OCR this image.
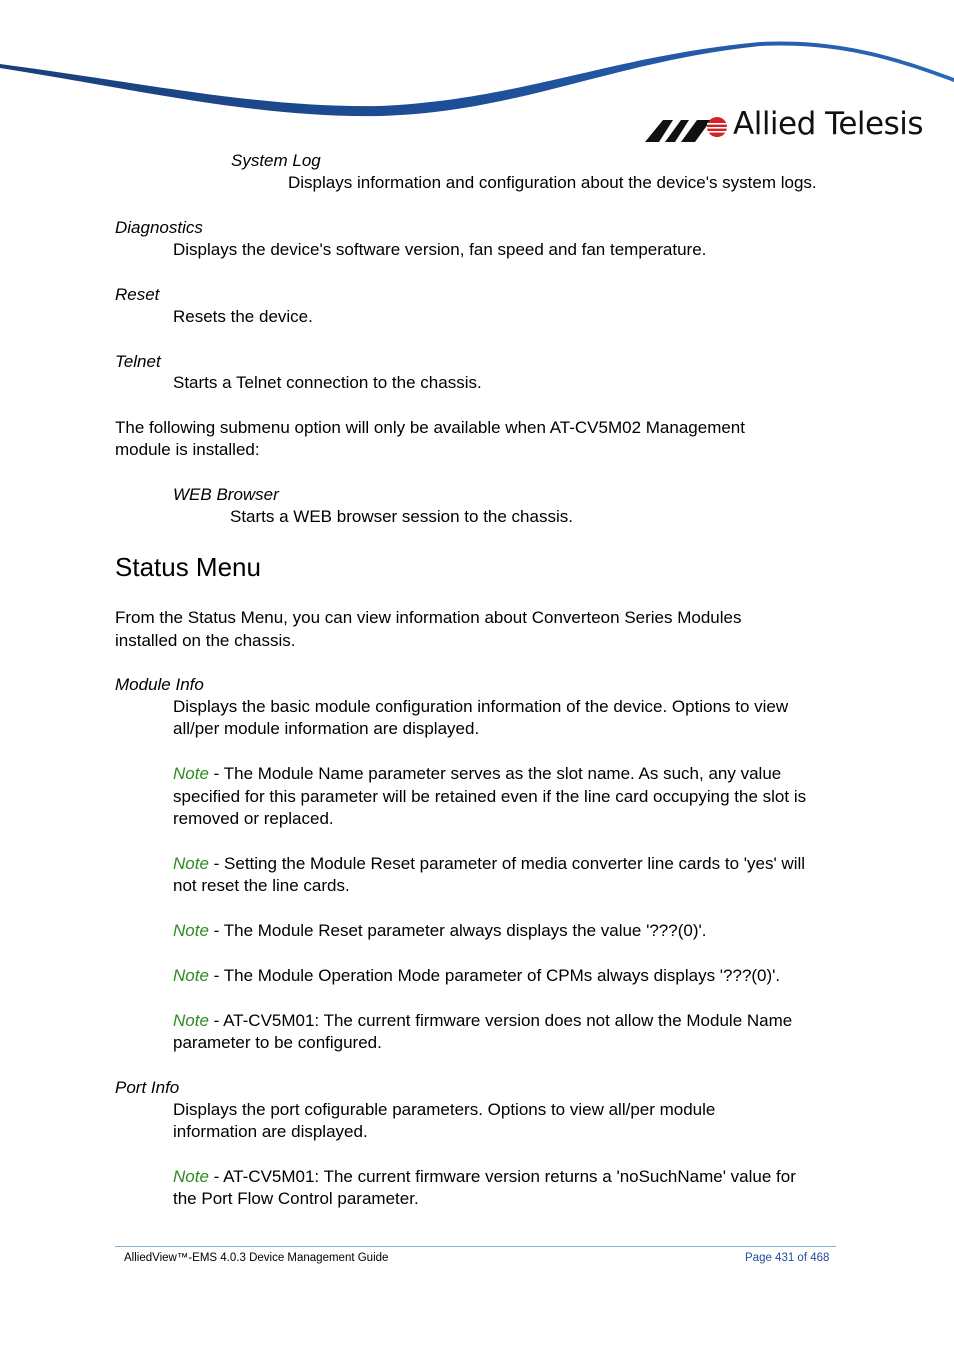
Allied Telesis
System Log
Displays information and configuration about the device's system logs.
Diagnostics
Displays the device's software version, fan speed and fan temperature.
Reset
Resets the device.
Telnet
Starts a Telnet connection to the chassis.
The following submenu option will only be available when AT-CV5M02 Management
module is installed:
WEB Browser
Starts a WEB browser session to the chassis.
Status Menu
From the Status Menu, you can view information about Converteon Series Modules
installed on the chassis.
Module Info
Displays the basic module configuration information of the device. Options to view
all/per module information are displayed.
Note - The Module Name parameter serves as the slot name. As such, any value
specified for this parameter will be retained even if the line card occupying the slot is
removed or replaced.
Note - Setting the Module Reset parameter of media converter line cards to 'yes' will
not reset the line cards.
Note - The Module Reset parameter always displays the value '???(0)'.
Note - The Module Operation Mode parameter of CPMs always displays '???(0)'.
Note - AT-CV5M01: The current firmware version does not allow the Module Name
parameter to be configured.
Port Info
Displays the port cofigurable parameters. Options to view all/per module
information are displayed.
Note - AT-CV5M01: The current firmware version returns a 'noSuchName' value for
the Port Flow Control parameter.
AlliedView™-EMS 4.0.3 Device Management Guide	Page 431 of 468
